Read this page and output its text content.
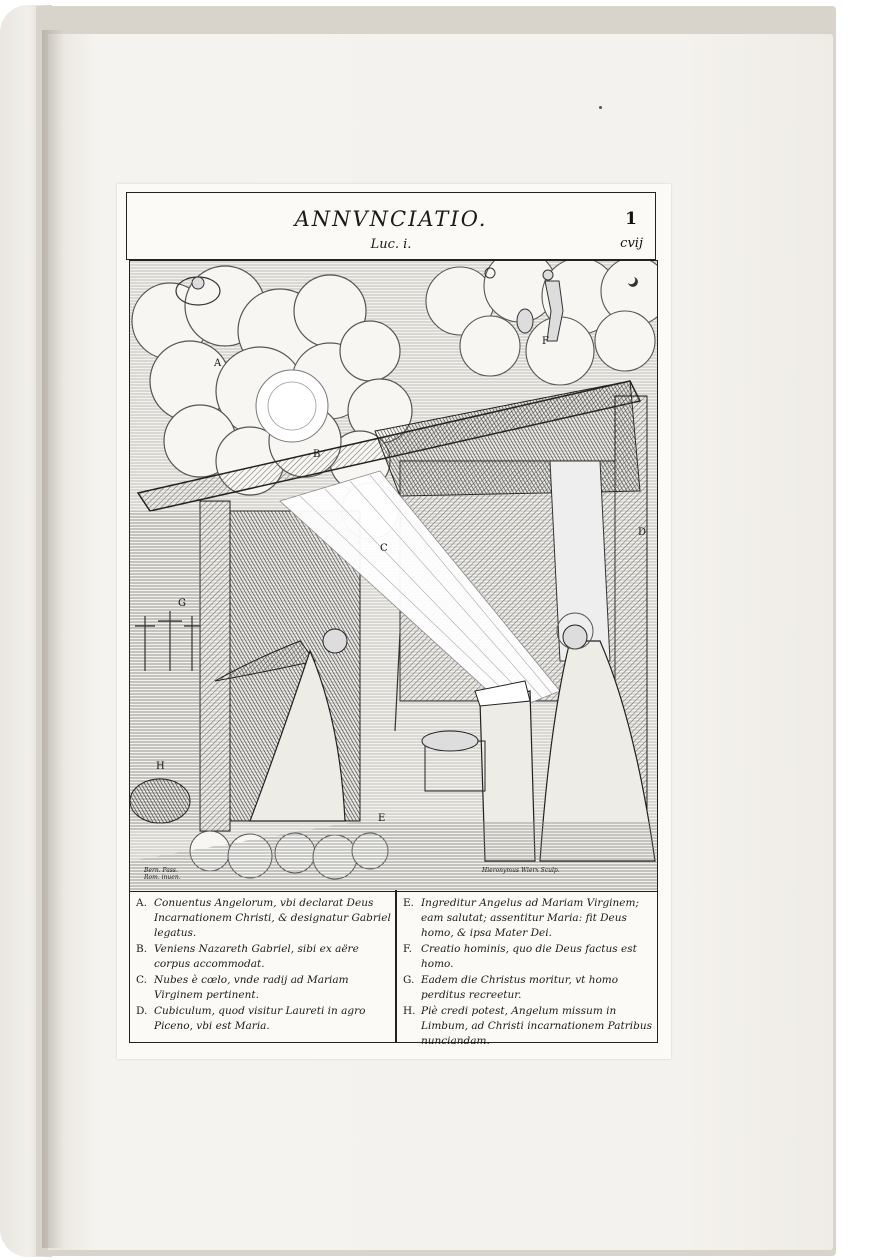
ANNVNCIATIO.
Luc. i.
1
cvij
A
B
C
D
E
F
G
H
Bern. Pass.
Rom. inuen.
Hieronymus Wierx Sculp.
A. Conuentus Angelorum, vbi declarat Deus Incarnationem Christi, & designatur Gabriel legatus.
B. Veniens Nazareth Gabriel, sibi ex aëre corpus accommodat.
C. Nubes è cœlo, vnde radij ad Mariam Virginem pertinent.
D. Cubiculum, quod visitur Laureti in agro Piceno, vbi est Maria.
E. Ingreditur Angelus ad Mariam Virginem; eam salutat; assentitur Maria: fit Deus homo, & ipsa Mater Dei.
F. Creatio hominis, quo die Deus factus est homo.
G. Eadem die Christus moritur, vt homo perditus recreetur.
H. Piè credi potest, Angelum missum in Limbum, ad Christi incarnationem Patribus nunciandam.
